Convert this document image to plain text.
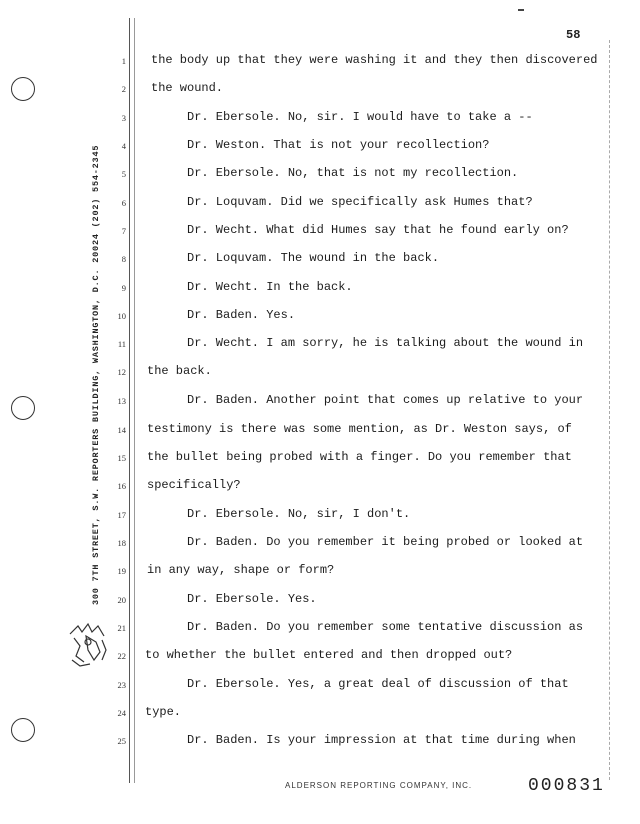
58
300 7TH STREET, S.W. REPORTERS BUILDING, WASHINGTON, D.C. 20024 (202) 554-2345
1
2
3
4
5
6
7
8
9
10
11
12
13
14
15
16
17
18
19
20
21
22
23
24
25
the body up that they were washing it and they then discovered
the wound.
Dr. Ebersole. No, sir. I would have to take a --
Dr. Weston. That is not your recollection?
Dr. Ebersole. No, that is not my recollection.
Dr. Loquvam. Did we specifically ask Humes that?
Dr. Wecht. What did Humes say that he found early on?
Dr. Loquvam. The wound in the back.
Dr. Wecht. In the back.
Dr. Baden. Yes.
Dr. Wecht. I am sorry, he is talking about the wound in
the back.
Dr. Baden. Another point that comes up relative to your
testimony is there was some mention, as Dr. Weston says, of
the bullet being probed with a finger. Do you remember that
specifically?
Dr. Ebersole. No, sir, I don't.
Dr. Baden. Do you remember it being probed or looked at
in any way, shape or form?
Dr. Ebersole. Yes.
Dr. Baden. Do you remember some tentative discussion as
to whether the bullet entered and then dropped out?
Dr. Ebersole. Yes, a great deal of discussion of that
type.
Dr. Baden. Is your impression at that time during when
ALDERSON REPORTING COMPANY, INC.	000831
